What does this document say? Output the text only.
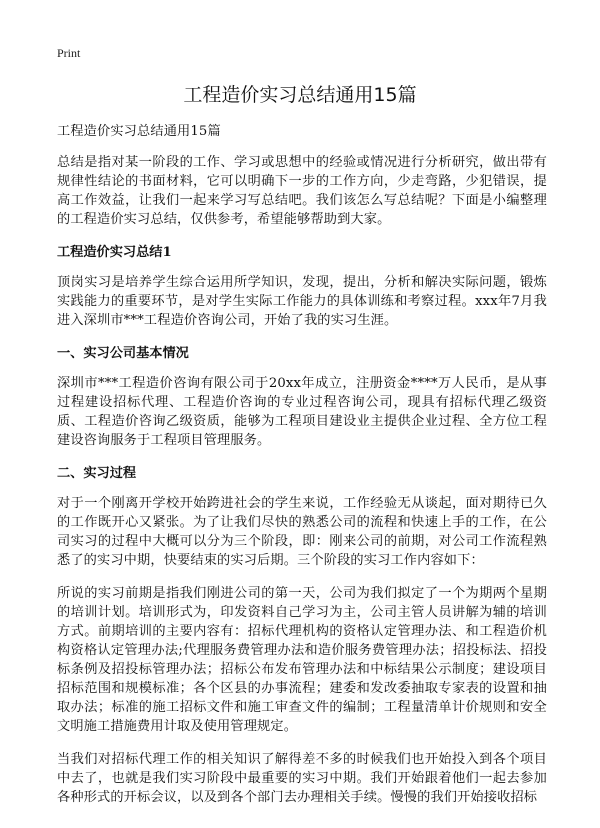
Print
工程造价实习总结通用15篇

工程造价实习总结通用15篇

总结是指对某一阶段的工作、学习或思想中的经验或情况进行分析研究，做出带有规律性结论的书面材料，它可以明确下一步的工作方向，少走弯路，少犯错误，提高工作效益，让我们一起来学习写总结吧。我们该怎么写总结呢？下面是小编整理的工程造价实习总结，仅供参考，希望能够帮助到大家。

工程造价实习总结1

顶岗实习是培养学生综合运用所学知识，发现，提出，分析和解决实际问题，锻炼实践能力的重要环节，是对学生实际工作能力的具体训练和考察过程。xxx年7月我进入深圳市***工程造价咨询公司，开始了我的实习生涯。

一、实习公司基本情况

深圳市***工程造价咨询有限公司于20xx年成立，注册资金****万人民币，是从事过程建设招标代理、工程造价咨询的专业过程咨询公司，现具有招标代理乙级资质、工程造价咨询乙级资质，能够为工程项目建设业主提供企业过程、全方位工程建设咨询服务于工程项目管理服务。

二、实习过程

对于一个刚离开学校开始跨进社会的学生来说，工作经验无从谈起，面对期待已久的工作既开心又紧张。为了让我们尽快的熟悉公司的流程和快速上手的工作，在公司实习的过程中大概可以分为三个阶段，即：刚来公司的前期，对公司工作流程熟悉了的实习中期，快要结束的实习后期。三个阶段的实习工作内容如下：

所说的实习前期是指我们刚进公司的第一天，公司为我们拟定了一个为期两个星期的培训计划。培训形式为，印发资料自己学习为主，公司主管人员讲解为辅的培训方式。前期培训的主要内容有：招标代理机构的资格认定管理办法、和工程造价机构资格认定管理办法;代理服务费管理办法和造价服务费管理办法；招投标法、招投标条例及招投标管理办法；招标公布发布管理办法和中标结果公示制度；建设项目招标范围和规模标准；各个区县的办事流程；建委和发改委抽取专家表的设置和抽取办法；标准的施工招标文件和施工审查文件的编制；工程量清单计价规则和安全文明施工措施费用计取及使用管理规定。

当我们对招标代理工作的相关知识了解得差不多的时候我们也开始投入到各个项目中去了，也就是我们实习阶段中最重要的实习中期。我们开始跟着他们一起去参加各种形式的开标会议，以及到各个部门去办理相关手续。慢慢的我们开始接收招标
